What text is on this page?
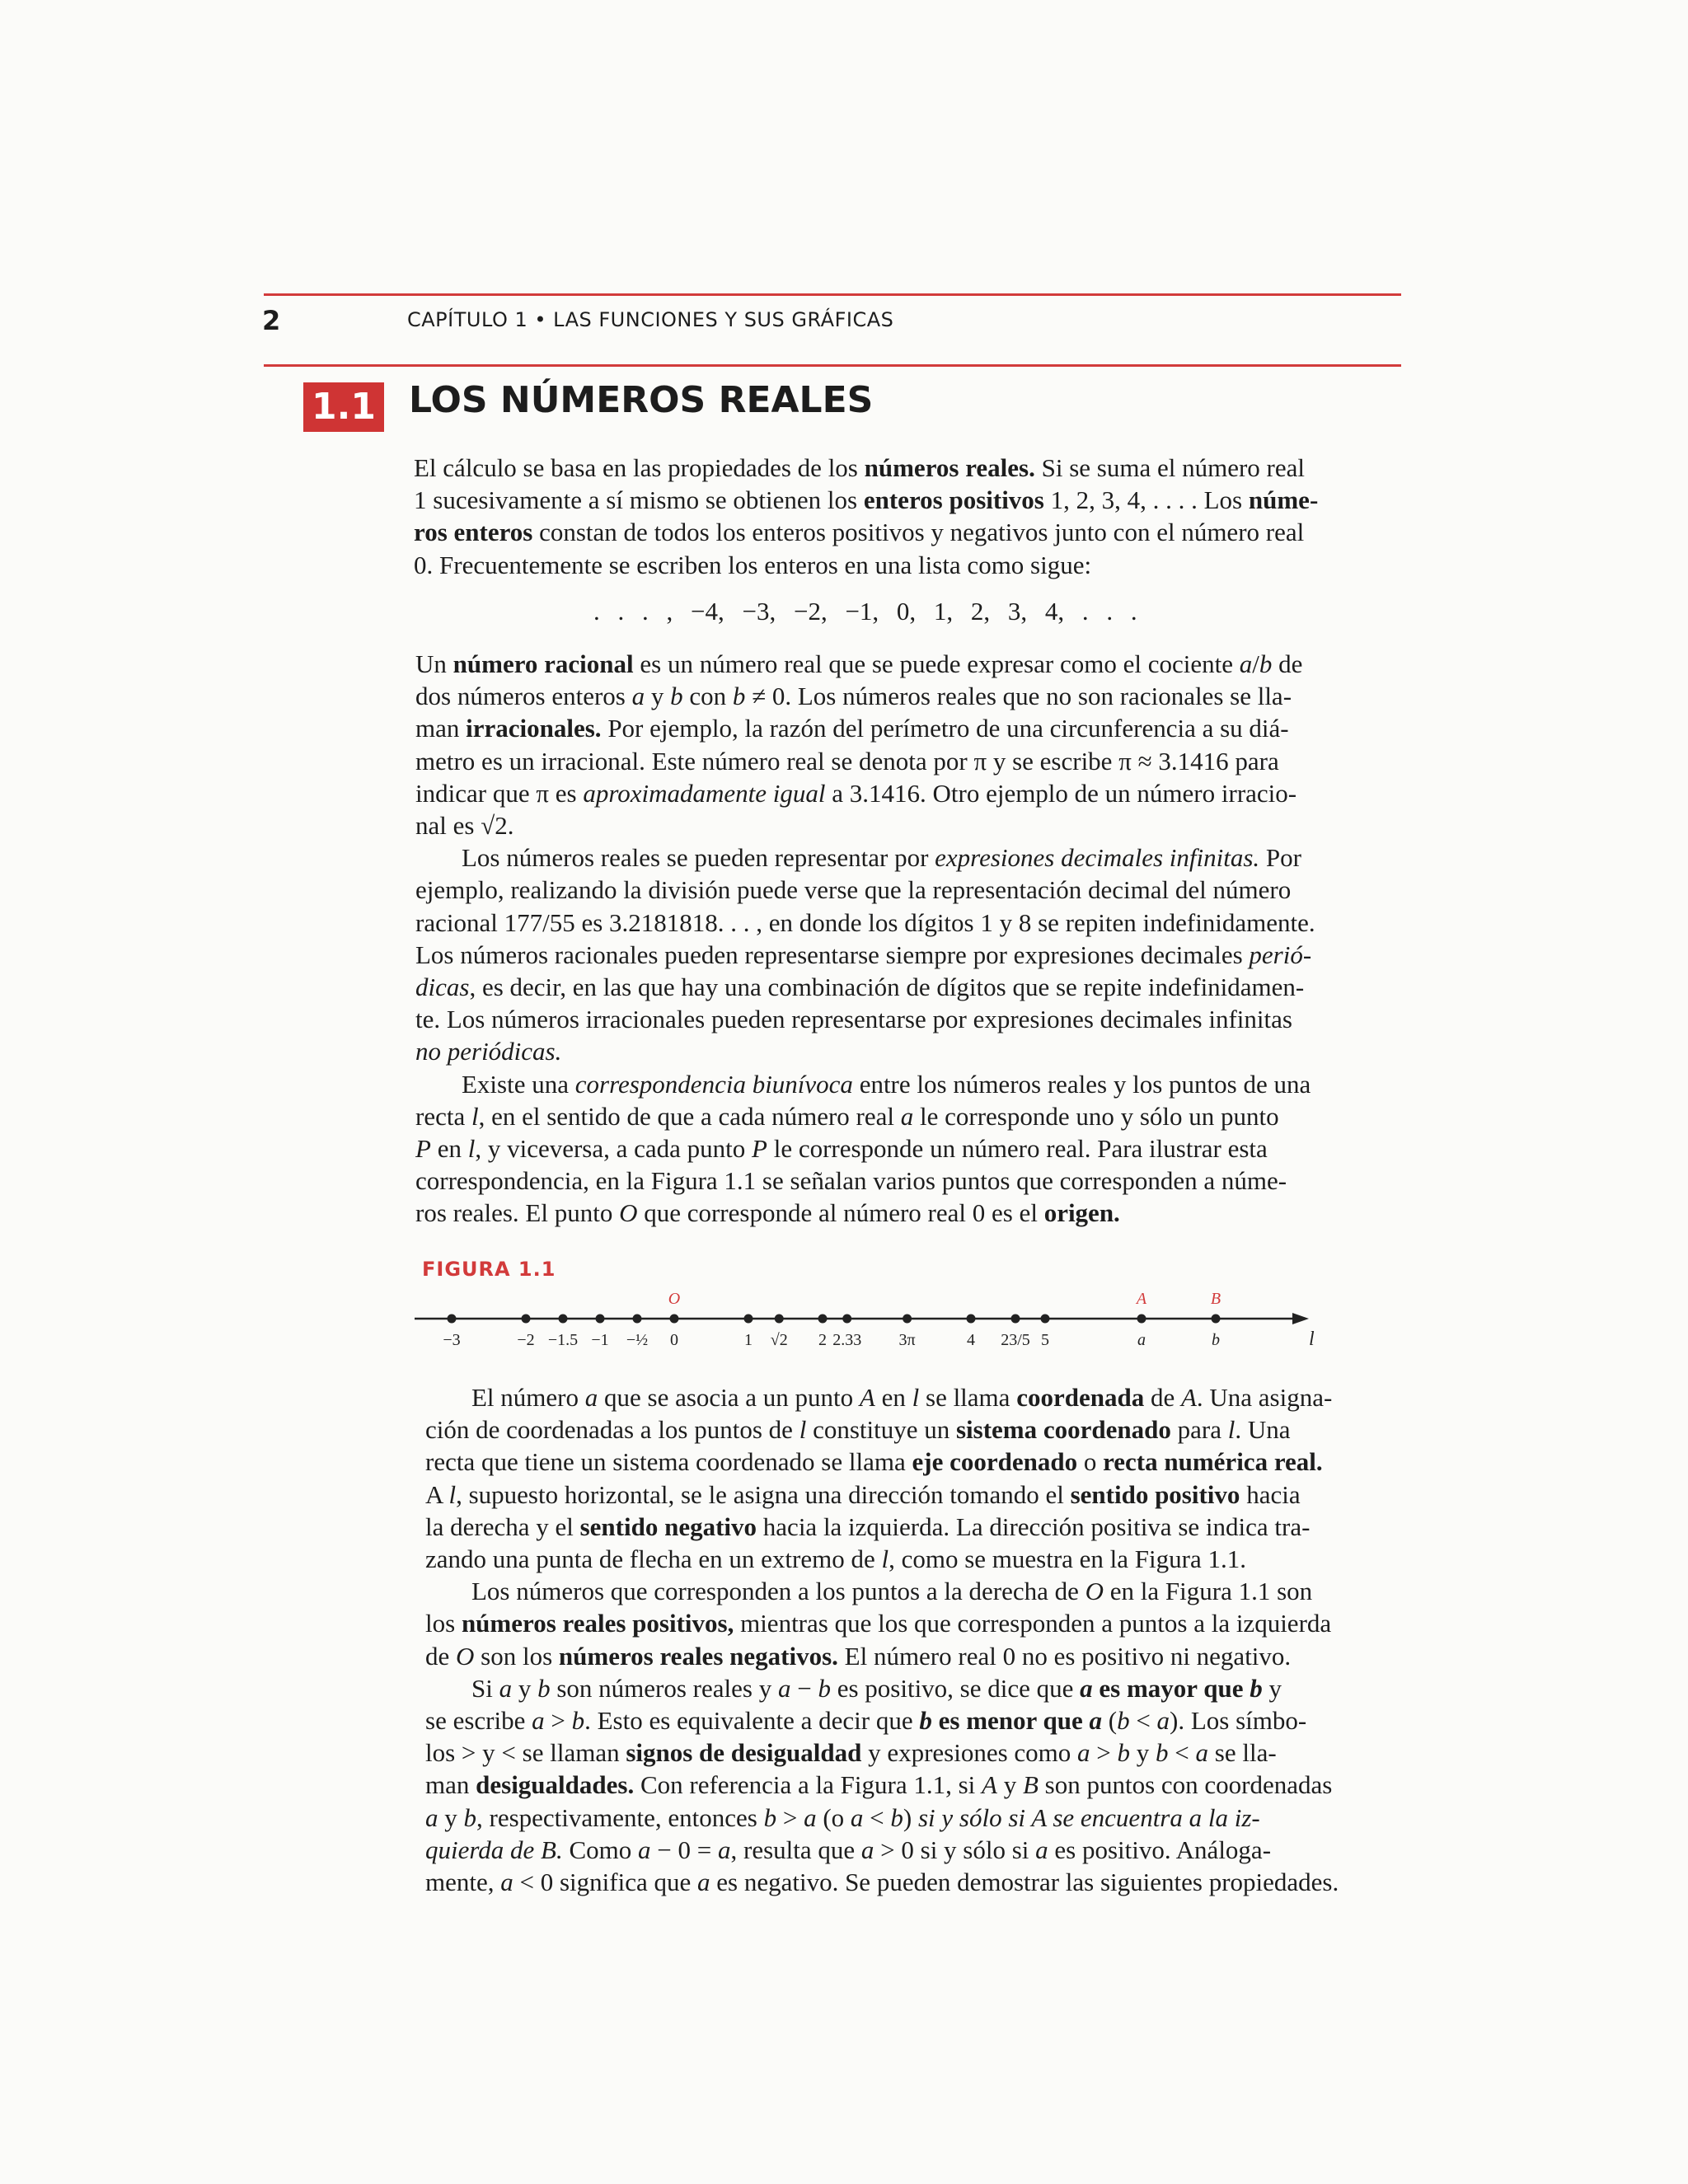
2	CAPÍTULO 1 • LAS FUNCIONES Y SUS GRÁFICAS
1.1 LOS NÚMEROS REALES
El cálculo se basa en las propiedades de los números reales. Si se suma el número real
1 sucesivamente a sí mismo se obtienen los enteros positivos 1, 2, 3, 4, . . . . Los núme-
ros enteros constan de todos los enteros positivos y negativos junto con el número real
0. Frecuentemente se escriben los enteros en una lista como sigue:
. . . , −4, −3, −2, −1, 0, 1, 2, 3, 4, . . .
Un número racional es un número real que se puede expresar como el cociente a/b de
dos números enteros a y b con b ≠ 0. Los números reales que no son racionales se lla-
man irracionales. Por ejemplo, la razón del perímetro de una circunferencia a su diá-
metro es un irracional. Este número real se denota por π y se escribe π ≈ 3.1416 para
indicar que π es aproximadamente igual a 3.1416. Otro ejemplo de un número irracio-
nal es √2.
Los números reales se pueden representar por expresiones decimales infinitas. Por
ejemplo, realizando la división puede verse que la representación decimal del número
racional 177/55 es 3.2181818. . . , en donde los dígitos 1 y 8 se repiten indefinidamente.
Los números racionales pueden representarse siempre por expresiones decimales perió-
dicas, es decir, en las que hay una combinación de dígitos que se repite indefinidamen-
te. Los números irracionales pueden representarse por expresiones decimales infinitas
no periódicas.
Existe una correspondencia biunívoca entre los números reales y los puntos de una
recta l, en el sentido de que a cada número real a le corresponde uno y sólo un punto
P en l, y viceversa, a cada punto P le corresponde un número real. Para ilustrar esta
correspondencia, en la Figura 1.1 se señalan varios puntos que corresponden a núme-
ros reales. El punto O que corresponde al número real 0 es el origen.
FIGURA 1.1
l
−3	−2 −1.5 −1 −½ 0
O
1 √2 2 2.33 3π	4 23/5 5	a
A
b
B
El número a que se asocia a un punto A en l se llama coordenada de A. Una asigna-
ción de coordenadas a los puntos de l constituye un sistema coordenado para l. Una
recta que tiene un sistema coordenado se llama eje coordenado o recta numérica real.
A l, supuesto horizontal, se le asigna una dirección tomando el sentido positivo hacia
la derecha y el sentido negativo hacia la izquierda. La dirección positiva se indica tra-
zando una punta de flecha en un extremo de l, como se muestra en la Figura 1.1.
Los números que corresponden a los puntos a la derecha de O en la Figura 1.1 son
los números reales positivos, mientras que los que corresponden a puntos a la izquierda
de O son los números reales negativos. El número real 0 no es positivo ni negativo.
Si a y b son números reales y a − b es positivo, se dice que a es mayor que b y
se escribe a > b. Esto es equivalente a decir que b es menor que a (b < a). Los símbo-
los > y < se llaman signos de desigualdad y expresiones como a > b y b < a se lla-
man desigualdades. Con referencia a la Figura 1.1, si A y B son puntos con coordenadas
a y b, respectivamente, entonces b > a (o a < b) si y sólo si A se encuentra a la iz-
quierda de B. Como a − 0 = a, resulta que a > 0 si y sólo si a es positivo. Análoga-
mente, a < 0 significa que a es negativo. Se pueden demostrar las siguientes propiedades.
